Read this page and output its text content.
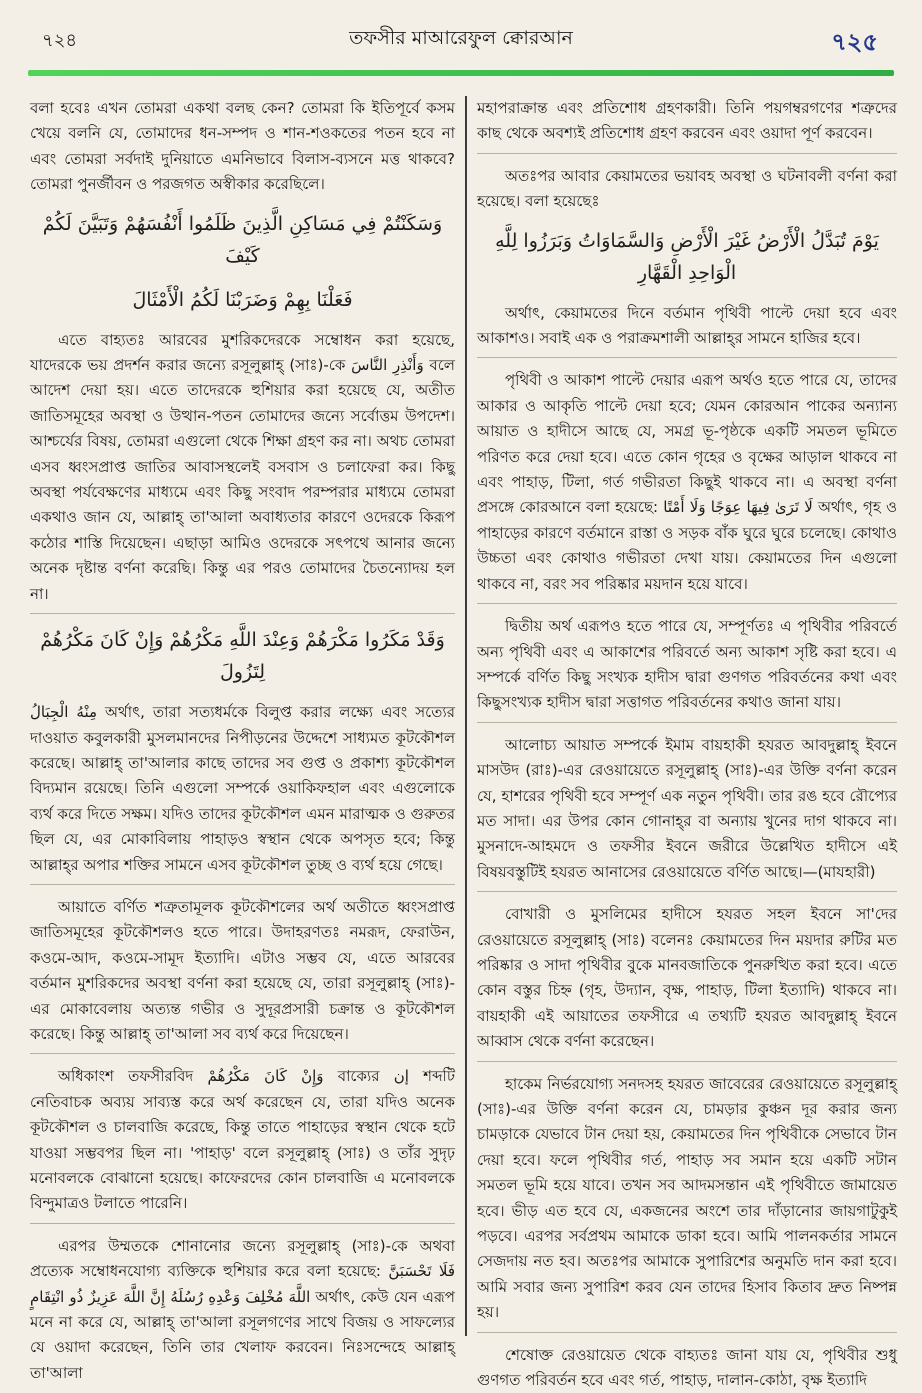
৭২৪	তফসীর মাআরেফুল ক্বোরআন	৭২৫

বলা হবেঃ এখন তোমরা একথা বলছ কেন? তোমরা কি ইতিপূর্বে কসম খেয়ে বলনি যে, তোমাদের ধন-সম্পদ ও শান-শওকতের পতন হবে না এবং তোমরা সর্বদাই দুনিয়াতে এমনিভাবে বিলাস-ব্যসনে মত্ত থাকবে? তোমরা পুনর্জীবন ও পরজগত অস্বীকার করেছিলে।

وَسَكَنْتُمْ فِي مَسَاكِنِ الَّذِينَ ظَلَمُوا أَنْفُسَهُمْ وَتَبَيَّنَ لَكُمْ كَيْفَ
فَعَلْنَا بِهِمْ وَضَرَبْنَا لَكُمُ الْأَمْثَالَ

এতে বাহ্যতঃ আরবের মুশরিকদেরকে সম্বোধন করা হয়েছে, যাদেরকে ভয় প্রদর্শন করার জন্যে রসূলুল্লাহ্ (সাঃ)-কে وَأَنْذِرِ النَّاسَ বলে আদেশ দেয়া হয়। এতে তাদেরকে হুশিয়ার করা হয়েছে যে, অতীত জাতিসমূহের অবস্থা ও উত্থান-পতন তোমাদের জন্যে সর্বোত্তম উপদেশ। আশ্চর্যের বিষয়, তোমরা এগুলো থেকে শিক্ষা গ্রহণ কর না। অথচ তোমরা এসব ধ্বংসপ্রাপ্ত জাতির আবাসস্থলেই বসবাস ও চলাফেরা কর। কিছু অবস্থা পর্যবেক্ষণের মাধ্যমে এবং কিছু সংবাদ পরম্পরার মাধ্যমে তোমরা একথাও জান যে, আল্লাহ্ তা'আলা অবাধ্যতার কারণে ওদেরকে কিরূপ কঠোর শাস্তি দিয়েছেন। এছাড়া আমিও ওদেরকে সৎপথে আনার জন্যে অনেক দৃষ্টান্ত বর্ণনা করেছি। কিন্তু এর পরও তোমাদের চৈতন্যোদয় হল না।

وَقَدْ مَكَرُوا مَكْرَهُمْ وَعِنْدَ اللَّهِ مَكْرُهُمْ وَإِنْ كَانَ مَكْرُهُمْ لِتَزُولَ

مِنْهُ الْجِبَالُ অর্থাৎ, তারা সত্যধর্মকে বিলুপ্ত করার লক্ষ্যে এবং সত্যের দাওয়াত কবুলকারী মুসলমানদের নিপীড়নের উদ্দেশে সাধ্যমত কূটকৌশল করেছে। আল্লাহ্ তা'আলার কাছে তাদের সব গুপ্ত ও প্রকাশ্য কূটকৌশল বিদ্যমান রয়েছে। তিনি এগুলো সম্পর্কে ওয়াকিফহাল এবং এগুলোকে ব্যর্থ করে দিতে সক্ষম। যদিও তাদের কূটকৌশল এমন মারাত্মক ও গুরুতর ছিল যে, এর মোকাবিলায় পাহাড়ও স্বস্থান থেকে অপসৃত হবে; কিন্তু আল্লাহ্‌র অপার শক্তির সামনে এসব কূটকৌশল তুচ্ছ ও ব্যর্থ হয়ে গেছে।

আয়াতে বর্ণিত শত্রুতামূলক কূটকৌশলের অর্থ অতীতে ধ্বংসপ্রাপ্ত জাতিসমূহের কূটকৌশলও হতে পারে। উদাহরণতঃ নমরূদ, ফেরাউন, কওমে-আদ, কওমে-সামূদ ইত্যাদি। এটাও সম্ভব যে, এতে আরবের বর্তমান মুশরিকদের অবস্থা বর্ণনা করা হয়েছে যে, তারা রসূলুল্লাহ্ (সাঃ)-এর মোকাবেলায় অত্যন্ত গভীর ও সুদূরপ্রসারী চক্রান্ত ও কূটকৌশল করেছে। কিন্তু আল্লাহ্ তা'আলা সব ব্যর্থ করে দিয়েছেন।

অধিকাংশ তফসীরবিদ وَإِنْ كَانَ مَكْرُهُمْ বাক্যের إن শব্দটি নেতিবাচক অব্যয় সাব্যস্ত করে অর্থ করেছেন যে, তারা যদিও অনেক কূটকৌশল ও চালবাজি করেছে, কিন্তু তাতে পাহাড়ের স্বস্থান থেকে হটে যাওয়া সম্ভবপর ছিল না। 'পাহাড়' বলে রসূলুল্লাহ্ (সাঃ) ও তাঁর সুদৃঢ় মনোবলকে বোঝানো হয়েছে। কাফেরদের কোন চালবাজি এ মনোবলকে বিন্দুমাত্রও টলাতে পারেনি।

এরপর উম্মতকে শোনানোর জন্যে রসূলুল্লাহ্ (সাঃ)-কে অথবা প্রত্যেক সম্বোধনযোগ্য ব্যক্তিকে হুশিয়ার করে বলা হয়েছে: فَلَا تَحْسَبَنَّ اللَّهَ مُخْلِفَ وَعْدِهِ رُسُلَهُ إِنَّ اللَّهَ عَزِيزٌ ذُو انْتِقَامٍ অর্থাৎ, কেউ যেন এরূপ মনে না করে যে, আল্লাহ্ তা'আলা রসূলগণের সাথে বিজয় ও সাফল্যের যে ওয়াদা করেছেন, তিনি তার খেলাফ করবেন। নিঃসন্দেহে আল্লাহ্ তা'আলা

মহাপরাক্রান্ত এবং প্রতিশোধ গ্রহণকারী। তিনি পয়গম্বরগণের শত্রুদের কাছ থেকে অবশ্যই প্রতিশোধ গ্রহণ করবেন এবং ওয়াদা পূর্ণ করবেন।

অতঃপর আবার কেয়ামতের ভয়াবহ অবস্থা ও ঘটনাবলী বর্ণনা করা হয়েছে। বলা হয়েছেঃ

يَوْمَ تُبَدَّلُ الْأَرْضُ غَيْرَ الْأَرْضِ وَالسَّمَاوَاتُ وَبَرَزُوا لِلَّهِ الْوَاحِدِ الْقَهَّارِ

অর্থাৎ, কেয়ামতের দিনে বর্তমান পৃথিবী পাল্টে দেয়া হবে এবং আকাশও। সবাই এক ও পরাক্রমশালী আল্লাহ্‌র সামনে হাজির হবে।

পৃথিবী ও আকাশ পাল্টে দেয়ার এরূপ অর্থও হতে পারে যে, তাদের আকার ও আকৃতি পাল্টে দেয়া হবে; যেমন কোরআন পাকের অন্যান্য আয়াত ও হাদীসে আছে যে, সমগ্র ভূ-পৃষ্ঠকে একটি সমতল ভূমিতে পরিণত করে দেয়া হবে। এতে কোন গৃহের ও বৃক্ষের আড়াল থাকবে না এবং পাহাড়, টিলা, গর্ত গভীরতা কিছুই থাকবে না। এ অবস্থা বর্ণনা প্রসঙ্গে কোরআনে বলা হয়েছে: لَا تَرَىٰ فِيهَا عِوَجًا وَلَا أَمْتًا অর্থাৎ, গৃহ ও পাহাড়ের কারণে বর্তমানে রাস্তা ও সড়ক বাঁক ঘুরে ঘুরে চলেছে। কোথাও উচ্চতা এবং কোথাও গভীরতা দেখা যায়। কেয়ামতের দিন এগুলো থাকবে না, বরং সব পরিষ্কার ময়দান হয়ে যাবে।

দ্বিতীয় অর্থ এরূপও হতে পারে যে, সম্পূর্ণতঃ এ পৃথিবীর পরিবর্তে অন্য পৃথিবী এবং এ আকাশের পরিবর্তে অন্য আকাশ সৃষ্টি করা হবে। এ সম্পর্কে বর্ণিত কিছু সংখ্যক হাদীস দ্বারা গুণগত পরিবর্তনের কথা এবং কিছুসংখ্যক হাদীস দ্বারা সত্তাগত পরিবর্তনের কথাও জানা যায়।

আলোচ্য আয়াত সম্পর্কে ইমাম বায়হাকী হযরত আবদুল্লাহ্ ইবনে মাসউদ (রাঃ)-এর রেওয়ায়েতে রসূলুল্লাহ্ (সাঃ)-এর উক্তি বর্ণনা করেন যে, হাশরের পৃথিবী হবে সম্পূর্ণ এক নতুন পৃথিবী। তার রঙ হবে রৌপ্যের মত সাদা। এর উপর কোন গোনাহ্‌র বা অন্যায় খুনের দাগ থাকবে না। মুসনাদে-আহমদে ও তফসীর ইবনে জরীরে উল্লেখিত হাদীসে এই বিষয়বস্তুটিই হযরত আনাসের রেওয়ায়েতে বর্ণিত আছে।—(মাযহারী)

বোখারী ও মুসলিমের হাদীসে হযরত সহল ইবনে সা'দের রেওয়ায়েতে রসূলুল্লাহ্ (সাঃ) বলেনঃ কেয়ামতের দিন ময়দার রুটির মত পরিষ্কার ও সাদা পৃথিবীর বুকে মানবজাতিকে পুনরুত্থিত করা হবে। এতে কোন বস্তুর চিহ্ন (গৃহ, উদ্যান, বৃক্ষ, পাহাড়, টিলা ইত্যাদি) থাকবে না। বায়হাকী এই আয়াতের তফসীরে এ তথ্যটি হযরত আবদুল্লাহ্ ইবনে আব্বাস থেকে বর্ণনা করেছেন।

হাকেম নির্ভরযোগ্য সনদসহ হযরত জাবেরের রেওয়ায়েতে রসূলুল্লাহ্ (সাঃ)-এর উক্তি বর্ণনা করেন যে, চামড়ার কুঞ্চন দূর করার জন্য চামড়াকে যেভাবে টান দেয়া হয়, কেয়ামতের দিন পৃথিবীকে সেভাবে টান দেয়া হবে। ফলে পৃথিবীর গর্ত, পাহাড় সব সমান হয়ে একটি সটান সমতল ভূমি হয়ে যাবে। তখন সব আদমসন্তান এই পৃথিবীতে জামায়েত হবে। ভীড় এত হবে যে, একজনের অংশে তার দাঁড়ানোর জায়গাটুকুই পড়বে। এরপর সর্বপ্রথম আমাকে ডাকা হবে। আমি পালনকর্তার সামনে সেজদায় নত হব। অতঃপর আমাকে সুপারিশের অনুমতি দান করা হবে। আমি সবার জন্য সুপারিশ করব যেন তাদের হিসাব কিতাব দ্রুত নিষ্পন্ন হয়।

শেষোক্ত রেওয়ায়েত থেকে বাহ্যতঃ জানা যায় যে, পৃথিবীর শুধু গুণগত পরিবর্তন হবে এবং গর্ত, পাহাড়, দালান-কোঠা, বৃক্ষ ইত্যাদি
